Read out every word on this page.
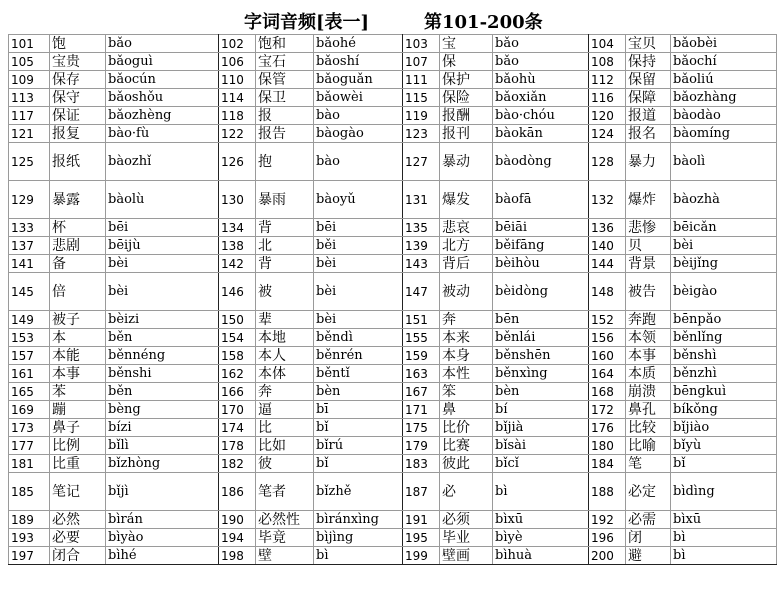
字词音频[表一]	第101-200条
101	饱	bǎo	102	饱和	bǎohé	103	宝	bǎo	104	宝贝	bǎobèi
105	宝贵	bǎoguì	106	宝石	bǎoshí	107	保	bǎo	108	保持	bǎochí
109	保存	bǎocún	110	保管	bǎoguǎn	111	保护	bǎohù	112	保留	bǎoliú
113	保守	bǎoshǒu	114	保卫	bǎowèi	115	保险	bǎoxiǎn	116	保障	bǎozhàng
117	保证	bǎozhèng	118	报	bào	119	报酬	bào·chóu	120	报道	bàodào
121	报复	bào·fù	122	报告	bàogào	123	报刊	bàokān	124	报名	bàomíng
125	报纸	bàozhǐ	126	抱	bào	127	暴动	bàodòng	128	暴力	bàolì
129	暴露	bàolù	130	暴雨	bàoyǔ	131	爆发	bàofā	132	爆炸	bàozhà
133	杯	bēi	134	背	bēi	135	悲哀	bēiāi	136	悲惨	bēicǎn
137	悲剧	bēijù	138	北	běi	139	北方	běifāng	140	贝	bèi
141	备	bèi	142	背	bèi	143	背后	bèihòu	144	背景	bèijǐng
145	倍	bèi	146	被	bèi	147	被动	bèidòng	148	被告	bèigào
149	被子	bèizi	150	辈	bèi	151	奔	bēn	152	奔跑	bēnpǎo
153	本	běn	154	本地	běndì	155	本来	běnlái	156	本领	běnlǐng
157	本能	běnnéng	158	本人	běnrén	159	本身	běnshēn	160	本事	běnshì
161	本事	běnshi	162	本体	běntǐ	163	本性	běnxìng	164	本质	běnzhì
165	苯	běn	166	奔	bèn	167	笨	bèn	168	崩溃	bēngkuì
169	蹦	bèng	170	逼	bī	171	鼻	bí	172	鼻孔	bíkǒng
173	鼻子	bízi	174	比	bǐ	175	比价	bǐjià	176	比较	bǐjiào
177	比例	bǐlì	178	比如	bǐrú	179	比赛	bǐsài	180	比喻	bǐyù
181	比重	bǐzhòng	182	彼	bǐ	183	彼此	bǐcǐ	184	笔	bǐ
185	笔记	bǐjì	186	笔者	bǐzhě	187	必	bì	188	必定	bìdìng
189	必然	bìrán	190	必然性	bìránxìng	191	必须	bìxū	192	必需	bìxū
193	必要	bìyào	194	毕竟	bìjìng	195	毕业	bìyè	196	闭	bì
197	闭合	bìhé	198	壁	bì	199	壁画	bìhuà	200	避	bì
